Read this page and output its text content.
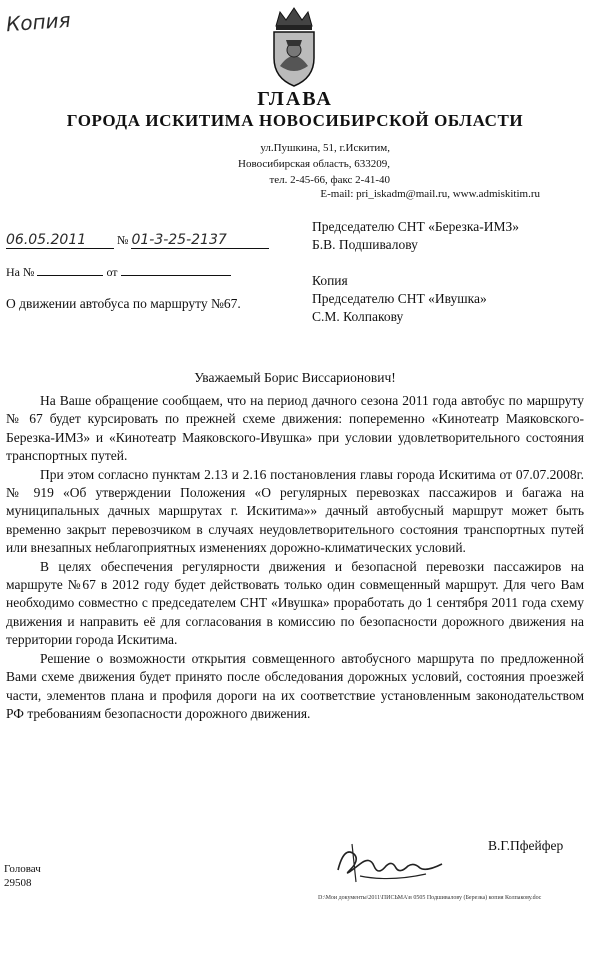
Копия
ГЛАВА
ГОРОДА ИСКИТИМА НОВОСИБИРСКОЙ ОБЛАСТИ
ул.Пушкина, 51, г.Искитим,
Новосибирская область, 633209,
тел. 2-45-66, факс 2-41-40
E-mail: pri_iskadm@mail.ru, www.admiskitim.ru
06.05.2011	№ 01-3-25-2137
На №	от
Председателю СНТ «Березка-ИМЗ»
Б.В. Подшивалову
Копия
Председателю СНТ «Ивушка»
С.М. Колпакову
О движении автобуса по маршруту №67.
Уважаемый Борис Виссарионович!

На Ваше обращение сообщаем, что на период дачного сезона 2011 года автобус по маршруту № 67 будет курсировать по прежней схеме движения: попеременно «Кинотеатр Маяковского- Березка-ИМЗ» и «Кинотеатр Маяковского-Ивушка» при условии удовлетворительного состояния транспортных путей.

При этом согласно пунктам 2.13 и 2.16 постановления главы города Искитима от 07.07.2008г. № 919 «Об утверждении Положения «О регулярных перевозках пассажиров и багажа на муниципальных дачных маршрутах г. Искитима»» дачный автобусный маршрут может быть временно закрыт перевозчиком в случаях неудовлетворительного состояния транспортных путей или внезапных неблагоприятных изменениях дорожно-климатических условий.

В целях обеспечения регулярности движения и безопасной перевозки пассажиров на маршруте №67 в 2012 году будет действовать только один совмещенный маршрут. Для чего Вам необходимо совместно с председателем СНТ «Ивушка» проработать до 1 сентября 2011 года схему движения и направить её для согласования в комиссию по безопасности дорожного движения на территории города Искитима.

Решение о возможности открытия совмещенного автобусного маршрута по предложенной Вами схеме движения будет принято после обследования дорожных условий, состояния проезжей части, элементов плана и профиля дороги на их соответствие установленным законодательством РФ требованиям безопасности дорожного движения.

В.Г.Пфейфер
Головач
29508
D:\Мои документы\2011\ПИСЬМА\в 0505 Подшивалову (Березка) копия Колпакову.doc
